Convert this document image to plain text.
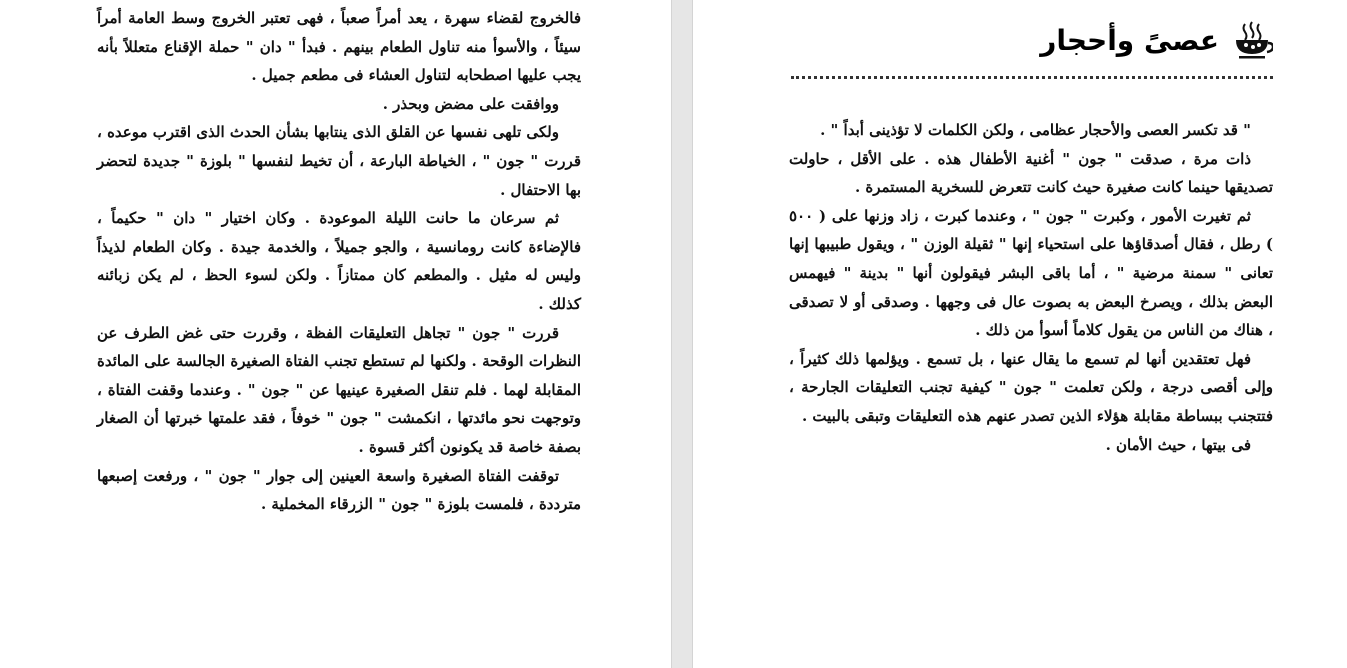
فالخروج لقضاء سهرة ، يعد أمراً صعباً ، فهى تعتبر الخروج وسط العامة أمراً سيئاً ، والأسوأ منه تناول الطعام بينهم . فبدأ " دان " حملة الإقناع متعللاً بأنه يجب عليها اصطحابه لتناول العشاء فى مطعم جميل .

ووافقت على مضض وبحذر .

ولكى تلهى نفسها عن القلق الذى ينتابها بشأن الحدث الذى اقترب موعده ، قررت " جون " ، الخياطة البارعة ، أن تخيط لنفسها " بلوزة " جديدة لتحضر بها الاحتفال .

ثم سرعان ما حانت الليلة الموعودة . وكان اختيار " دان " حكيماً ، فالإضاءة كانت رومانسية ، والجو جميلاً ، والخدمة جيدة . وكان الطعام لذيذاً وليس له مثيل . والمطعم كان ممتازاً . ولكن لسوء الحظ ، لم يكن زبائنه كذلك .

قررت " جون " تجاهل التعليقات الفظة ، وقررت حتى غض الطرف عن النظرات الوقحة . ولكنها لم تستطع تجنب الفتاة الصغيرة الجالسة على المائدة المقابلة لهما . فلم تنقل الصغيرة عينيها عن " جون " . وعندما وقفت الفتاة ، وتوجهت نحو مائدتها ، انكمشت " جون " خوفاً ، فقد علمتها خبرتها أن الصغار بصفة خاصة قد يكونون أكثر قسوة .

توقفت الفتاة الصغيرة واسعة العينين إلى جوار " جون " ، ورفعت إصبعها مترددة ، فلمست بلوزة " جون " الزرقاء المخملية .

عصىً وأحجار

" قد تكسر العصى والأحجار عظامى ، ولكن الكلمات لا تؤذينى أبداً " .

ذات مرة ، صدقت " جون " أغنية الأطفال هذه . على الأقل ، حاولت تصديقها حينما كانت صغيرة حيث كانت تتعرض للسخرية المستمرة .

ثم تغيرت الأمور ، وكبرت " جون " ، وعندما كبرت ، زاد وزنها على ( ٥٠٠ ) رطل ، فقال أصدقاؤها على استحياء إنها " ثقيلة الوزن " ، ويقول طبيبها إنها تعانى " سمنة مرضية " ، أما باقى البشر فيقولون أنها " بدينة " فيهمس البعض بذلك ، ويصرخ البعض به بصوت عال فى وجهها . وصدقى أو لا تصدقى ، هناك من الناس من يقول كلاماً أسوأ من ذلك .

فهل تعتقدين أنها لم تسمع ما يقال عنها ، بل تسمع . ويؤلمها ذلك كثيراً ، وإلى أقصى درجة ، ولكن تعلمت " جون " كيفية تجنب التعليقات الجارحة ، فتتجنب ببساطة مقابلة هؤلاء الذين تصدر عنهم هذه التعليقات وتبقى بالبيت .

فى بيتها ، حيث الأمان .
